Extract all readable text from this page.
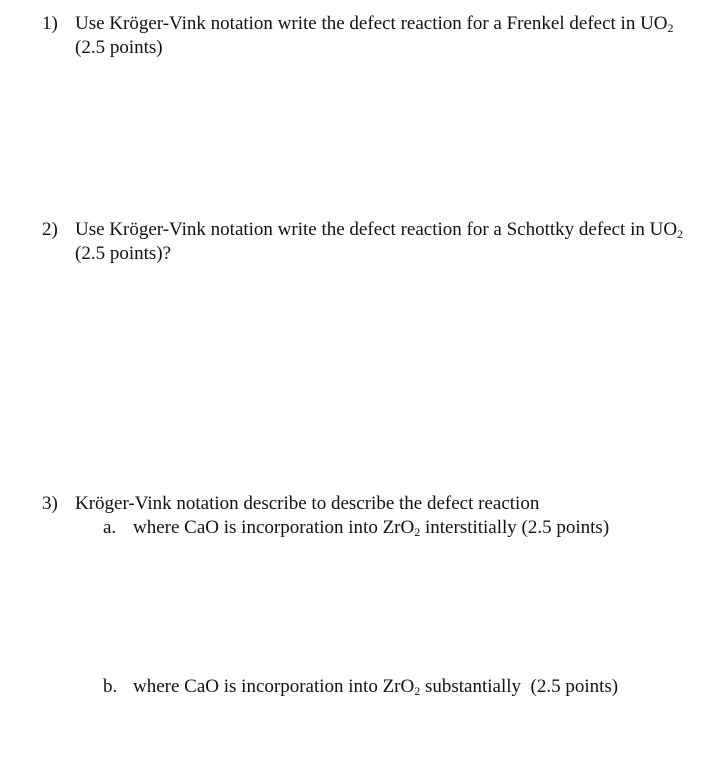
1) Use Kröger-Vink notation write the defect reaction for a Frenkel defect in $UO_2$
(2.5 points)
2) Use Kröger-Vink notation write the defect reaction for a Schottky defect in $UO_2$
(2.5 points)?
3) Kröger-Vink notation describe to describe the defect reaction
a. where CaO is incorporation into ZrO$_2$ interstitially (2.5 points)
b. where CaO is incorporation into ZrO$_2$ substantially  (2.5 points)
